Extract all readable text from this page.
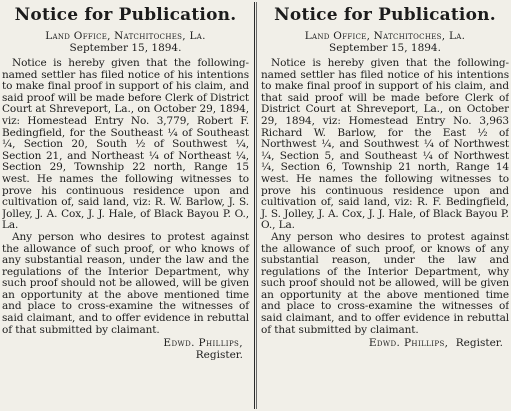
Notice for Publication.
Land Office, Natchitoches, La.
September 15, 1894.

Notice is hereby given that the following-named settler has filed notice of his intentions to make final proof in support of his claim, and said proof will be made before Clerk of District Court at Shreveport, La., on October 29, 1894, viz: Homestead Entry No. 3,779, Robert F. Bedingfield, for the Southeast ¼ of Southeast ¼, Section 20, South ½ of Southwest ¼, Section 21, and Northeast ¼ of Northeast ¼, Section 29, Township 22 north, Range 15 west. He names the following witnesses to prove his continuous residence upon and cultivation of, said land, viz: R. W. Barlow, J. S. Jolley, J. A. Cox, J. J. Hale, of Black Bayou P. O., La.

Any person who desires to protest against the allowance of such proof, or who knows of any substantial reason, under the law and the regulations of the Interior Department, why such proof should not be allowed, will be given an opportunity at the above mentioned time and place to cross-examine the witnesses of said claimant, and to offer evidence in rebuttal of that submitted by claimant.

Edwd. Phillips,
Register.
Notice for Publication.
Land Office, Natchitoches, La.
September 15, 1894.

Notice is hereby given that the following-named settler has filed notice of his intentions to make final proof in support of his claim, and that said proof will be made before Clerk of District Court at Shreveport, La., on October 29, 1894, viz: Homestead Entry No. 3,963 Richard W. Barlow, for the East ½ of Northwest ¼, and Southwest ¼ of Northwest ¼, Section 5, and Southeast ¼ of Northwest ¼, Section 6, Township 21 north, Range 14 west. He names the following witnesses to prove his continuous residence upon and cultivation of, said land, viz: R. F. Bedingfield, J. S. Jolley, J. A. Cox, J. J. Hale, of Black Bayou P. O., La.

Any person who desires to protest against the allowance of such proof, or knows of any substantial reason, under the law and regulations of the Interior Department, why such proof should not be allowed, will be given an opportunity at the above mentioned time and place to cross-examine the witnesses of said claimant, and to offer evidence in rebuttal of that submitted by claimant.

Edwd. Phillips, Register.
